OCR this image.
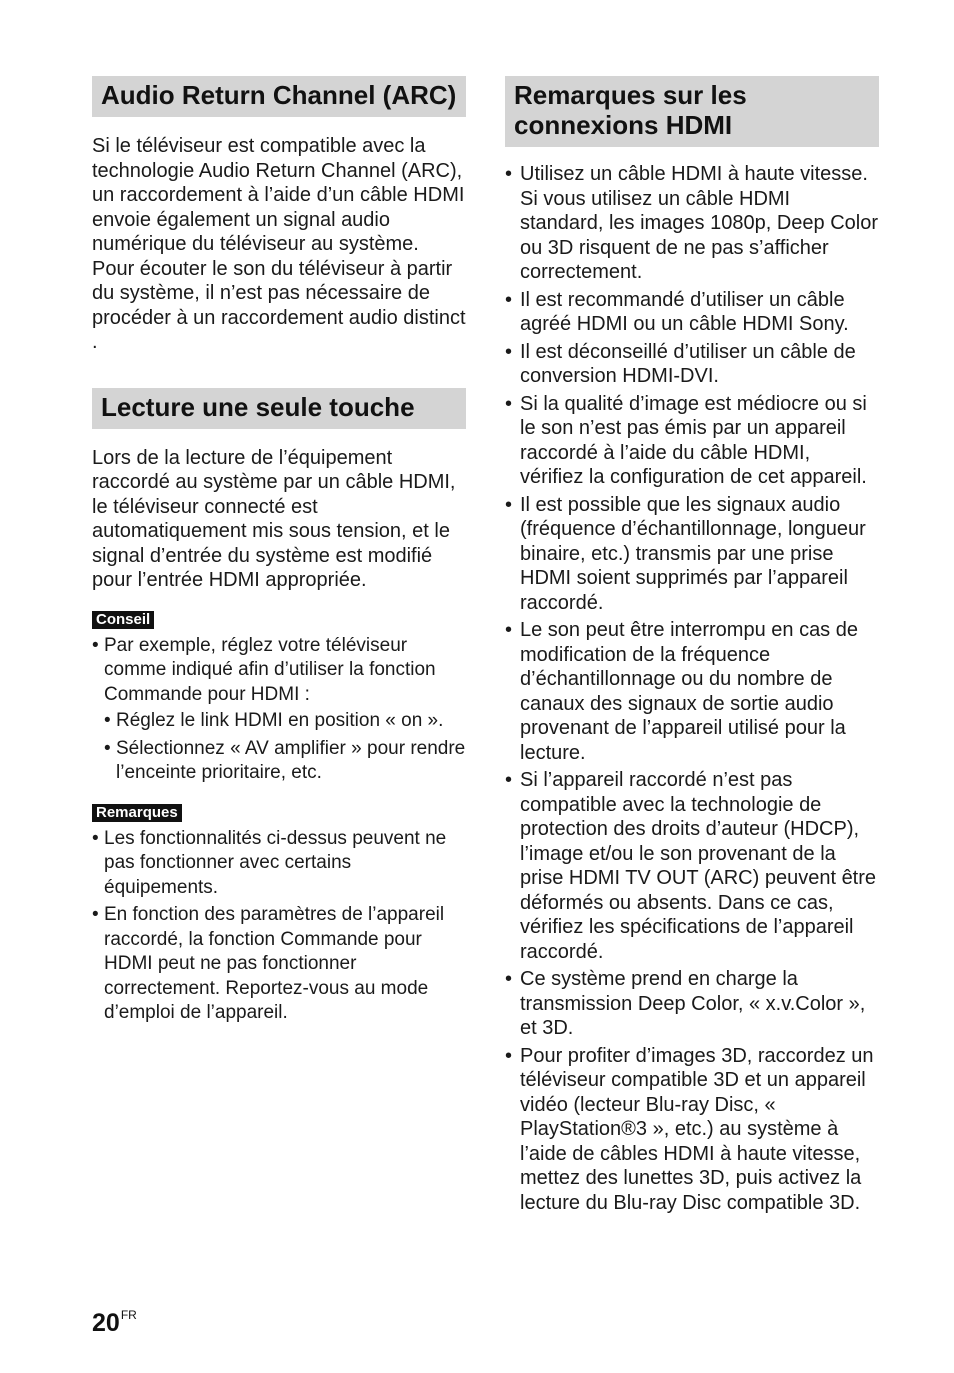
Audio Return Channel (ARC)

Si le téléviseur est compatible avec la technologie Audio Return Channel (ARC), un raccordement à l’aide d’un câble HDMI envoie également un signal audio numérique du téléviseur au système. Pour écouter le son du téléviseur à partir du système, il n’est pas nécessaire de procéder à un raccordement audio distinct .

Lecture une seule touche

Lors de la lecture de l’équipement raccordé au système par un câble HDMI, le téléviseur connecté est automatiquement mis sous tension, et le signal d’entrée du système est modifié pour l’entrée HDMI appropriée.

Conseil
• Par exemple, réglez votre téléviseur comme indiqué afin d’utiliser la fonction Commande pour HDMI :
• Réglez le link HDMI en position « on ».
• Sélectionnez « AV amplifier » pour rendre l’enceinte prioritaire, etc.
Remarques
• Les fonctionnalités ci-dessus peuvent ne pas fonctionner avec certains équipements.
• En fonction des paramètres de l’appareil raccordé, la fonction Commande pour HDMI peut ne pas fonctionner correctement. Reportez-vous au mode d’emploi de l’appareil.
Remarques sur les connexions HDMI
• Utilisez un câble HDMI à haute vitesse. Si vous utilisez un câble HDMI standard, les images 1080p, Deep Color ou 3D risquent de ne pas s’afficher correctement.
• Il est recommandé d’utiliser un câble agréé HDMI ou un câble HDMI Sony.
• Il est déconseillé d’utiliser un câble de conversion HDMI-DVI.
• Si la qualité d’image est médiocre ou si le son n’est pas émis par un appareil raccordé à l’aide du câble HDMI, vérifiez la configuration de cet appareil.
• Il est possible que les signaux audio (fréquence d’échantillonnage, longueur binaire, etc.) transmis par une prise HDMI soient supprimés par l’appareil raccordé.
• Le son peut être interrompu en cas de modification de la fréquence d’échantillonnage ou du nombre de canaux des signaux de sortie audio provenant de l’appareil utilisé pour la lecture.
• Si l’appareil raccordé n’est pas compatible avec la technologie de protection des droits d’auteur (HDCP), l’image et/ou le son provenant de la prise HDMI TV OUT (ARC) peuvent être déformés ou absents. Dans ce cas, vérifiez les spécifications de l’appareil raccordé.
• Ce système prend en charge la transmission Deep Color, « x.v.Color », et 3D.
• Pour profiter d’images 3D, raccordez un téléviseur compatible 3D et un appareil vidéo (lecteur Blu-ray Disc, « PlayStation®3 », etc.) au système à l’aide de câbles HDMI à haute vitesse, mettez des lunettes 3D, puis activez la lecture du Blu-ray Disc compatible 3D.
$20^{FR}$
